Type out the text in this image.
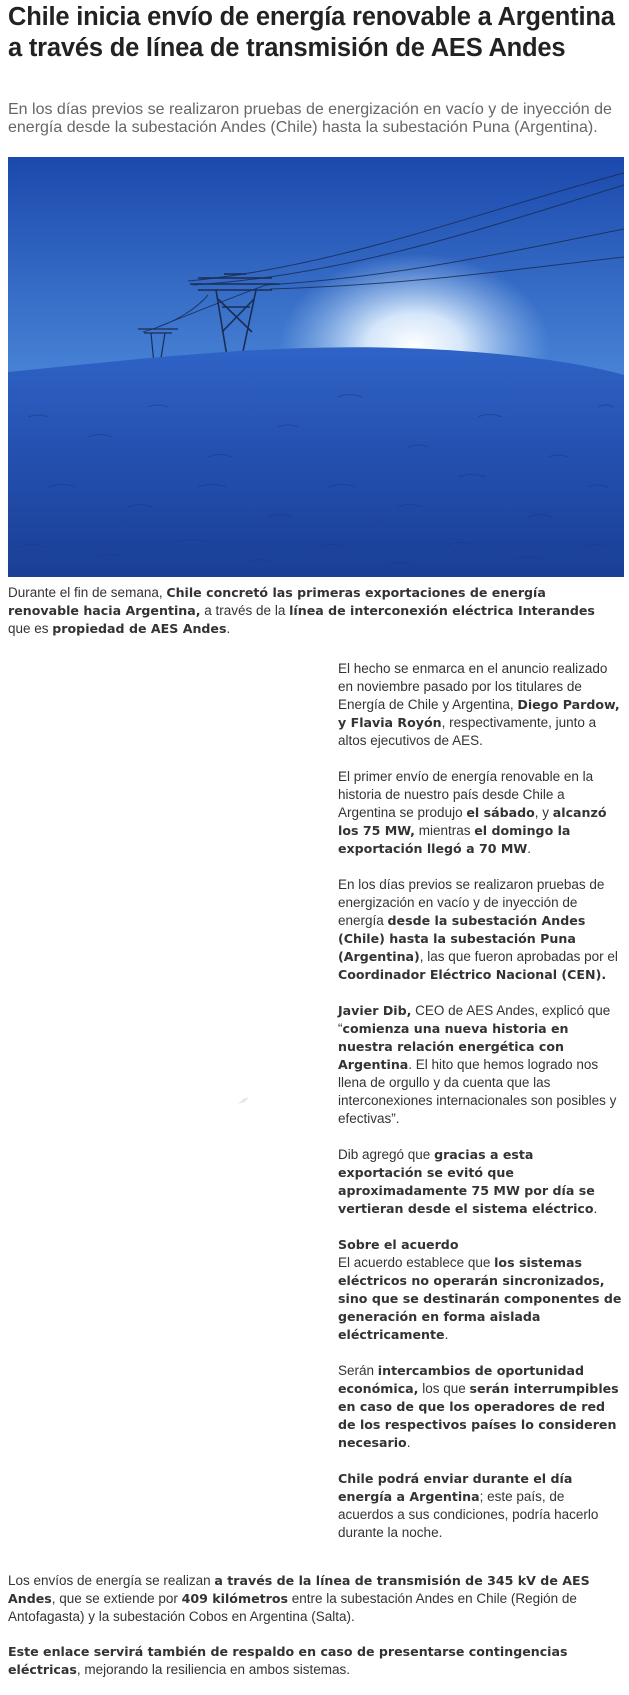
Chile inicia envío de energía renovable a Argentina a través de línea de transmisión de AES Andes

En los días previos se realizaron pruebas de energización en vacío y de inyección de energía desde la subestación Andes (Chile) hasta la subestación Puna (Argentina).

Durante el fin de semana, Chile concretó las primeras exportaciones de energía renovable hacia Argentina, a través de la línea de interconexión eléctrica Interandes que es propiedad de AES Andes.

El hecho se enmarca en el anuncio realizado en noviembre pasado por los titulares de Energía de Chile y Argentina, Diego Pardow, y Flavia Royón, respectivamente, junto a altos ejecutivos de AES.

El primer envío de energía renovable en la historia de nuestro país desde Chile a Argentina se produjo el sábado, y alcanzó los 75 MW, mientras el domingo la exportación llegó a 70 MW.

En los días previos se realizaron pruebas de energización en vacío y de inyección de energía desde la subestación Andes (Chile) hasta la subestación Puna (Argentina), las que fueron aprobadas por el Coordinador Eléctrico Nacional (CEN).

Javier Dib, CEO de AES Andes, explicó que “comienza una nueva historia en nuestra relación energética con Argentina. El hito que hemos logrado nos llena de orgullo y da cuenta que las interconexiones internacionales son posibles y efectivas”.

Dib agregó que gracias a esta exportación se evitó que aproximadamente 75 MW por día se vertieran desde el sistema eléctrico.

Sobre el acuerdo

El acuerdo establece que los sistemas eléctricos no operarán sincronizados, sino que se destinarán componentes de generación en forma aislada eléctricamente.

Serán intercambios de oportunidad económica, los que serán interrumpibles en caso de que los operadores de red de los respectivos países lo consideren necesario.

Chile podrá enviar durante el día energía a Argentina; este país, de acuerdos a sus condiciones, podría hacerlo durante la noche.

Los envíos de energía se realizan a través de la línea de transmisión de 345 kV de AES Andes, que se extiende por 409 kilómetros entre la subestación Andes en Chile (Región de Antofagasta) y la subestación Cobos en Argentina (Salta).

Este enlace servirá también de respaldo en caso de presentarse contingencias eléctricas, mejorando la resiliencia en ambos sistemas.
